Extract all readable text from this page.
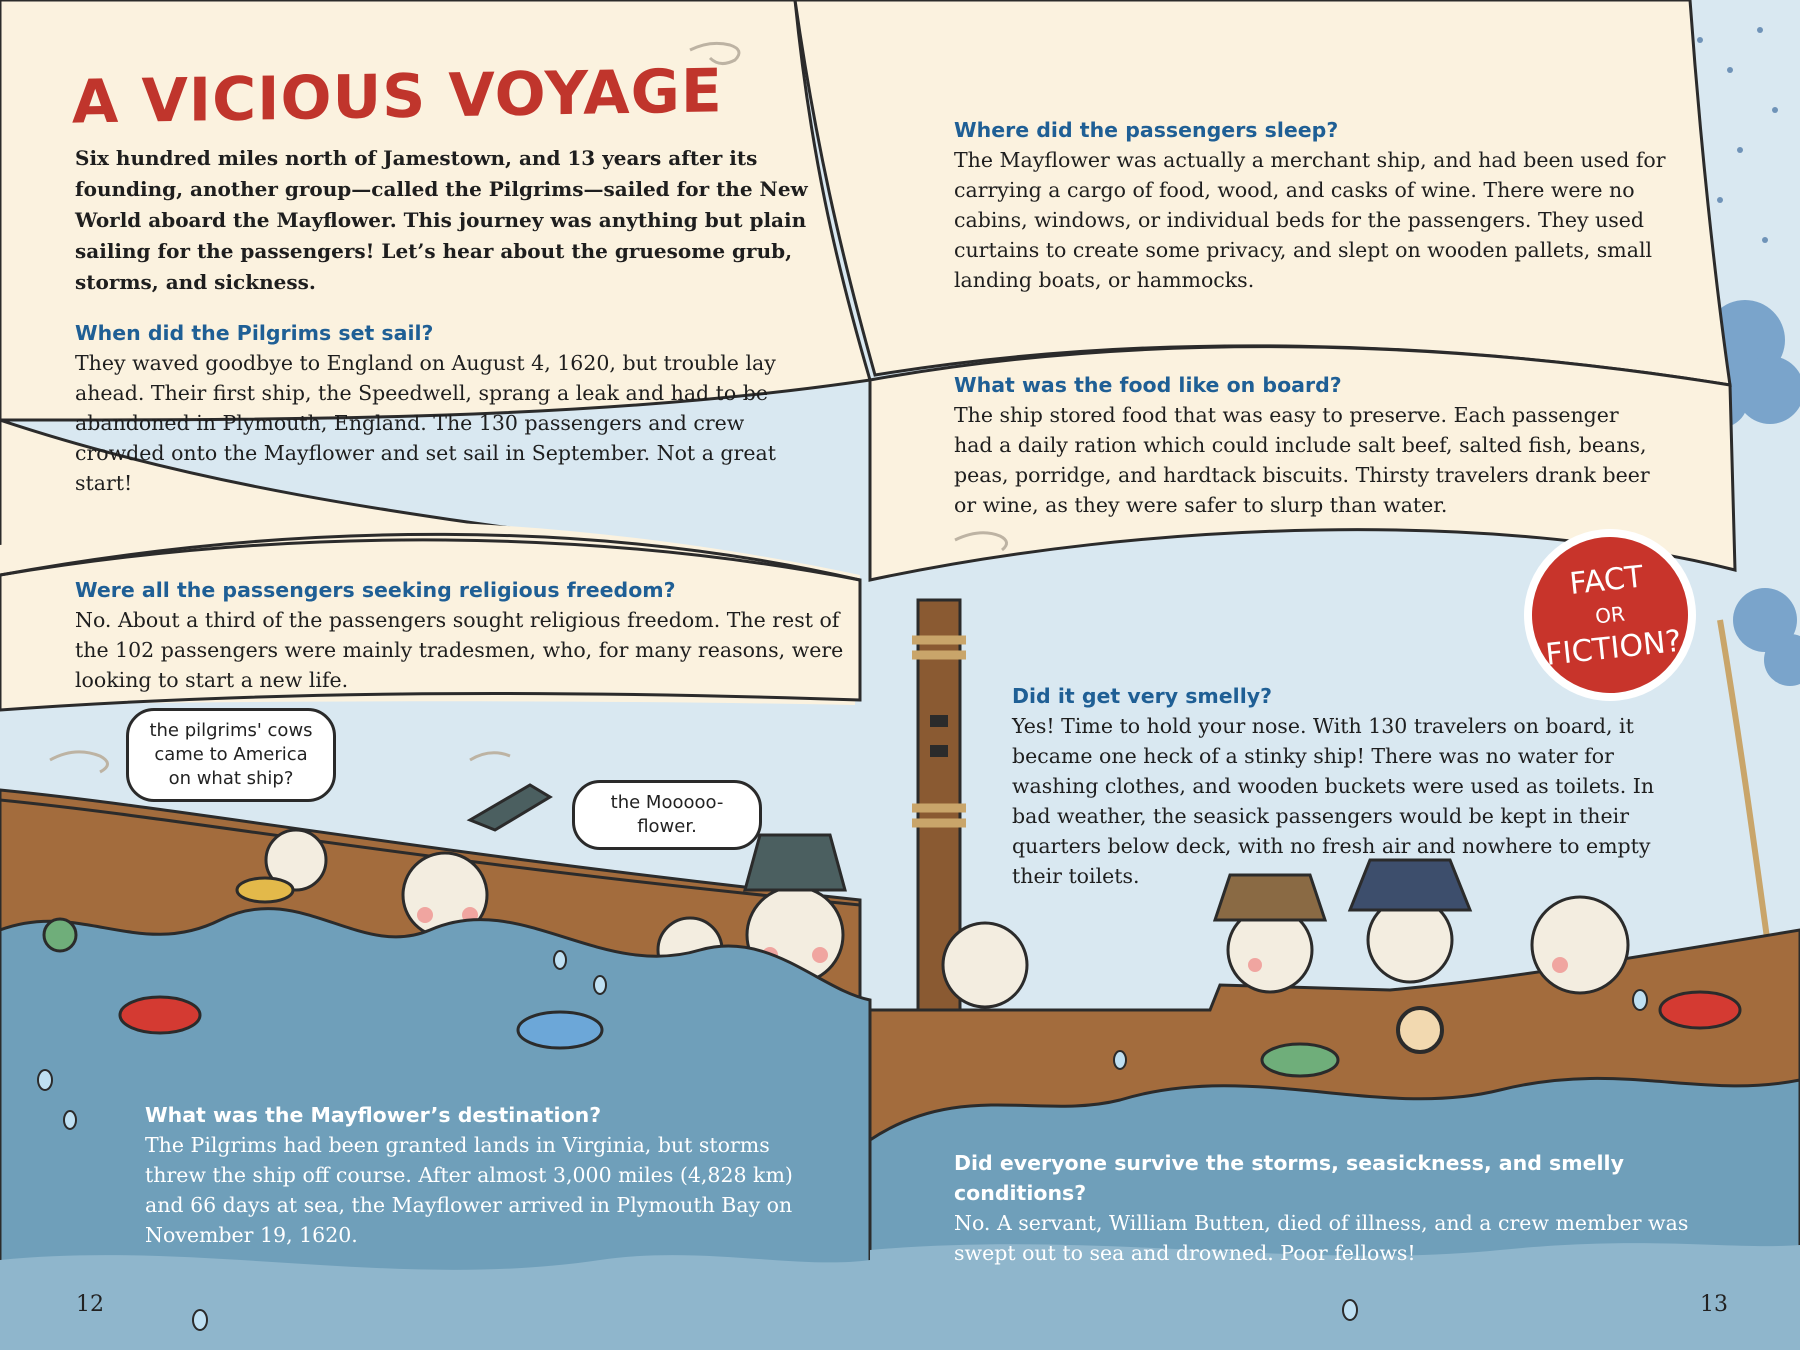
A VICIOUS VOYAGE

Six hundred miles north of Jamestown, and 13 years after its founding, another group—called the Pilgrims—sailed for the New World aboard the Mayflower. This journey was anything but plain sailing for the passengers! Let’s hear about the gruesome grub, storms, and sickness.

When did the Pilgrims set sail?

They waved goodbye to England on August 4, 1620, but trouble lay ahead. Their first ship, the Speedwell, sprang a leak and had to be abandoned in Plymouth, England. The 130 passengers and crew crowded onto the Mayflower and set sail in September. Not a great start!

Were all the passengers seeking religious freedom?

No. About a third of the passengers sought religious freedom. The rest of the 102 passengers were mainly tradesmen, who, for many reasons, were looking to start a new life.

What was the Mayflower’s destination?

The Pilgrims had been granted lands in Virginia, but storms threw the ship off course. After almost 3,000 miles (4,828 km) and 66 days at sea, the Mayflower arrived in Plymouth Bay on November 19, 1620.

Where did the passengers sleep?

The Mayflower was actually a merchant ship, and had been used for carrying a cargo of food, wood, and casks of wine. There were no cabins, windows, or individual beds for the passengers. They used curtains to create some privacy, and slept on wooden pallets, small landing boats, or hammocks.

What was the food like on board?

The ship stored food that was easy to preserve. Each passenger had a daily ration which could include salt beef, salted fish, beans, peas, porridge, and hardtack biscuits. Thirsty travelers drank beer or wine, as they were safer to slurp than water.

Did it get very smelly?

Yes! Time to hold your nose. With 130 travelers on board, it became one heck of a stinky ship! There was no water for washing clothes, and wooden buckets were used as toilets. In bad weather, the seasick passengers would be kept in their quarters below deck, with no fresh air and nowhere to empty their toilets.

Did everyone survive the storms, seasickness, and smelly conditions?

No. A servant, William Butten, died of illness, and a crew member was swept out to sea and drowned. Poor fellows!

the pilgrims' cows came to America on what ship?
the Mooooo-flower.
FACT
OR
FICTION?
12	13
